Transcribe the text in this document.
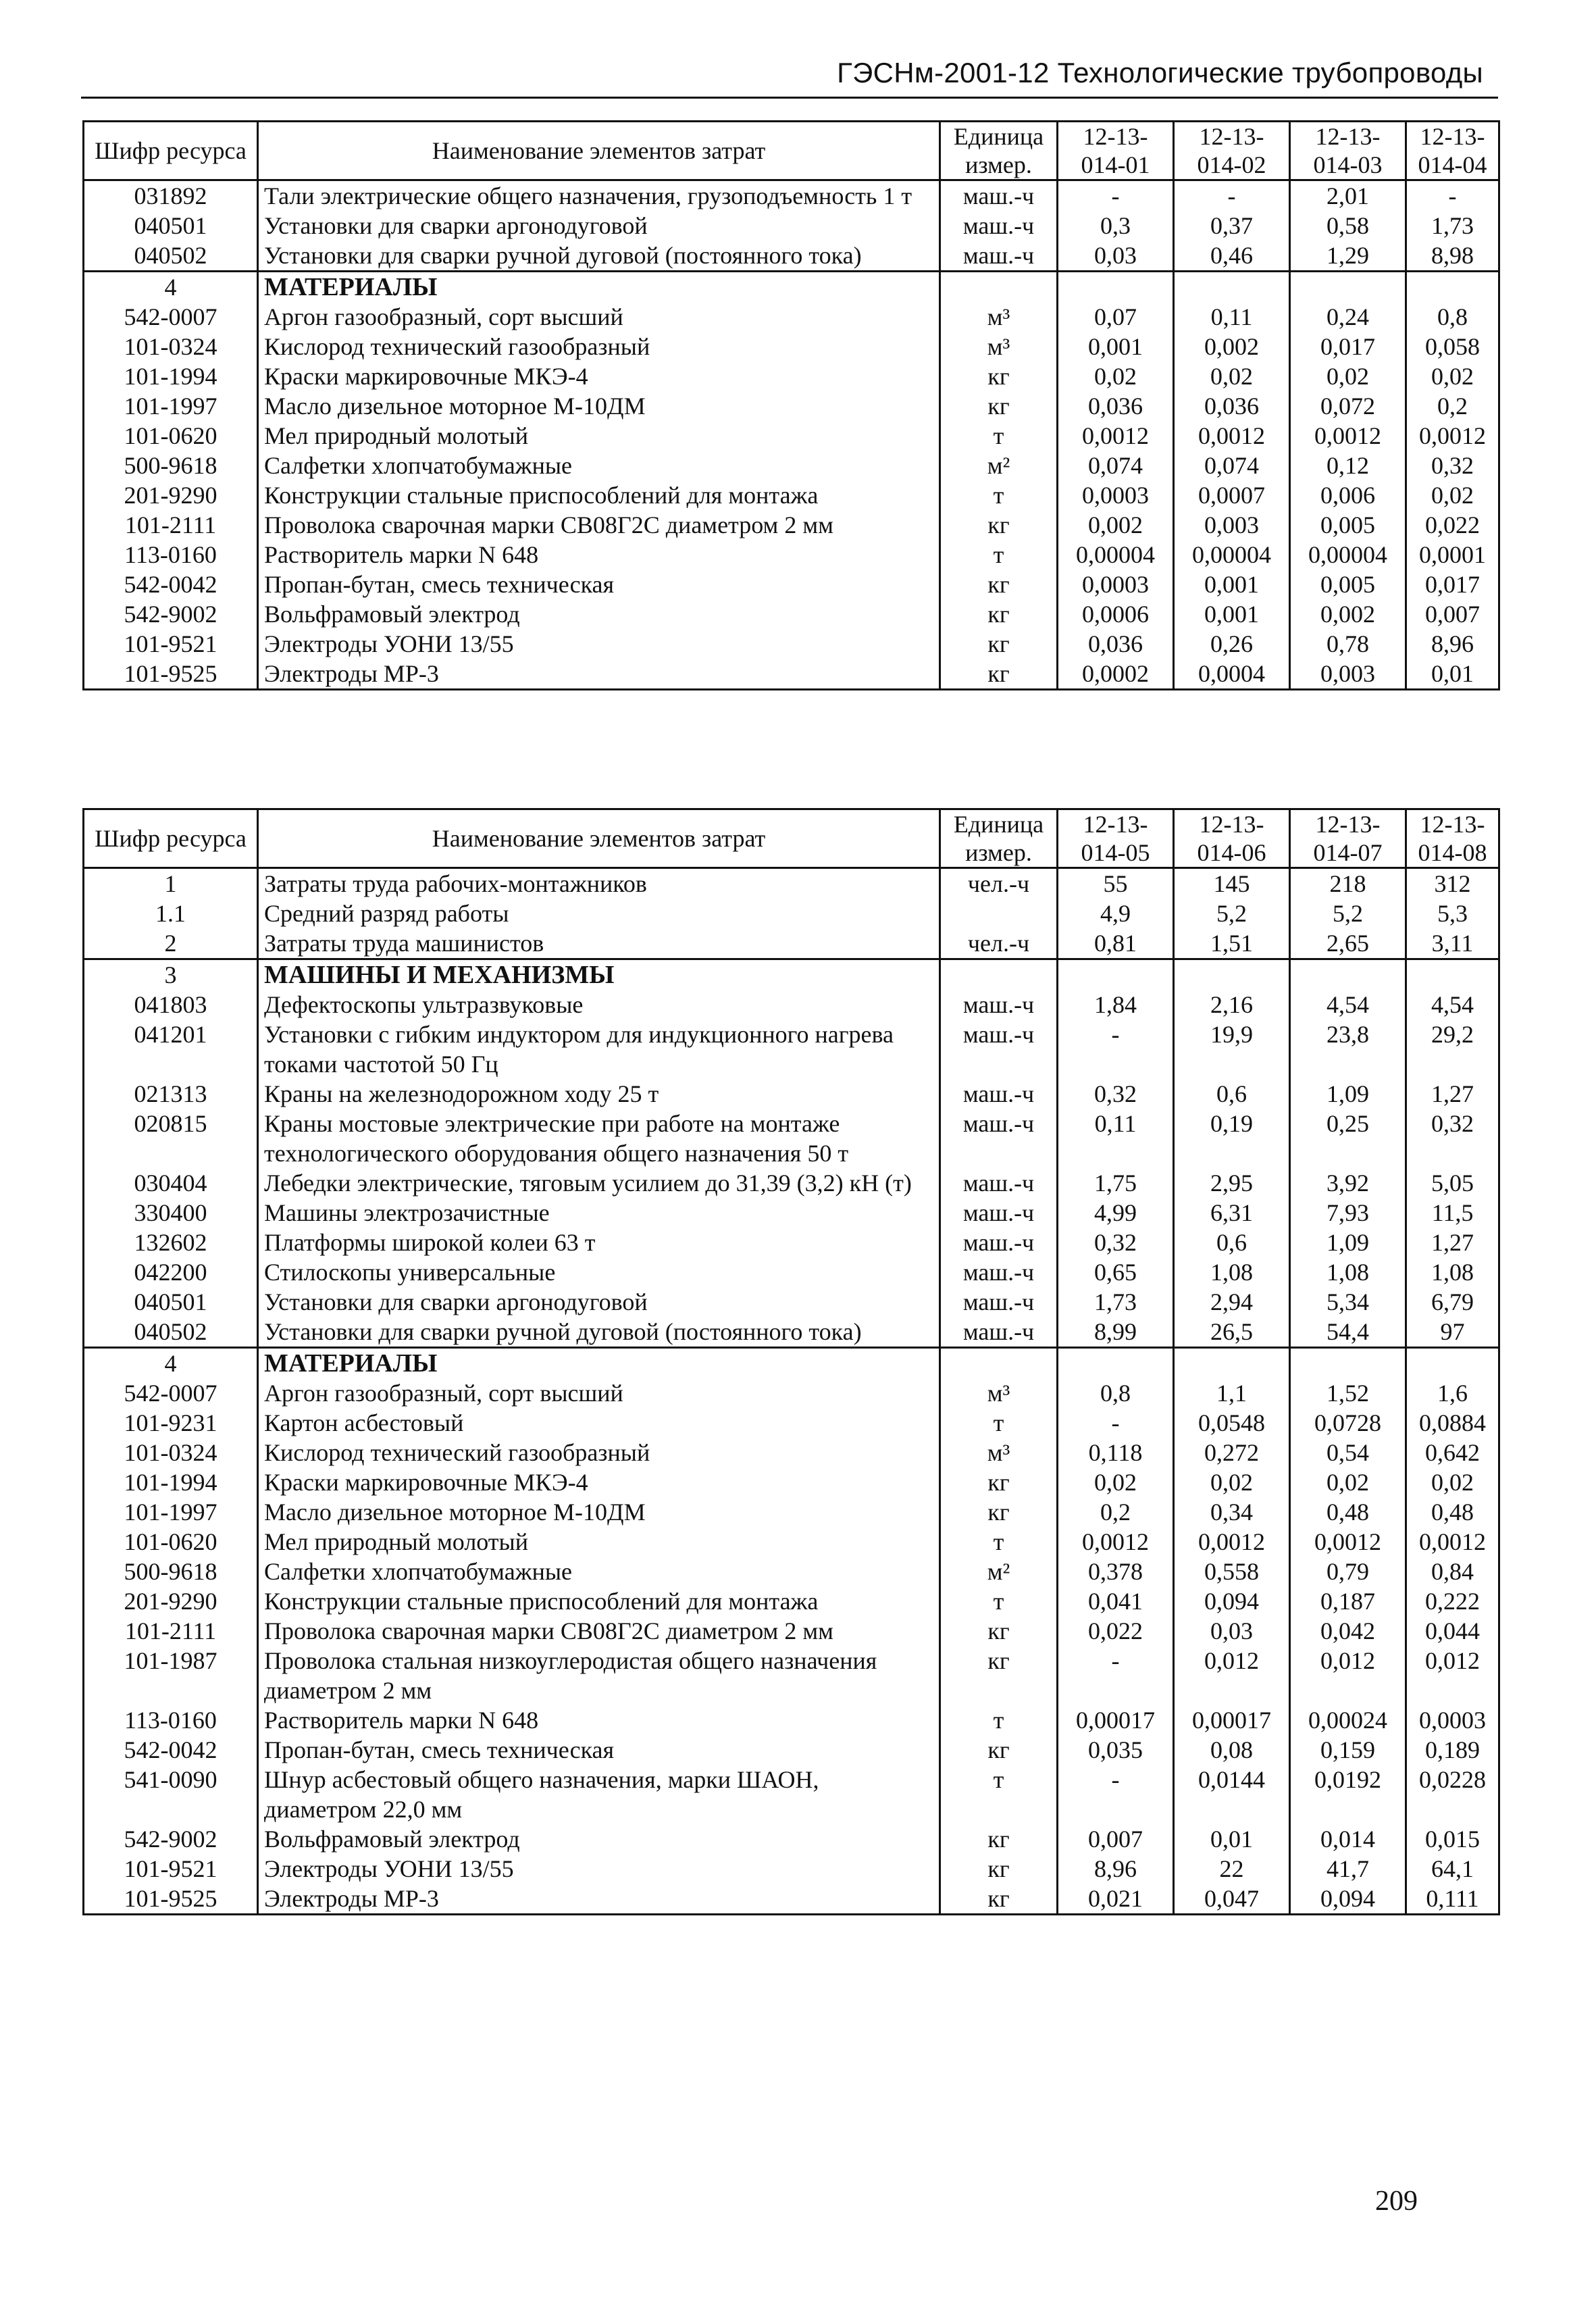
ГЭСНм-2001-12 Технологические трубопроводы
Шифр ресурса	Наименование элементов затрат	Единица измер.	12-13-014-01	12-13-014-02	12-13-014-03	12-13-014-04
031892	Тали электрические общего назначения, грузоподъемность 1 т	маш.-ч	-	-	2,01	-
040501	Установки для сварки аргонодуговой	маш.-ч	0,3	0,37	0,58	1,73
040502	Установки для сварки ручной дуговой (постоянного тока)	маш.-ч	0,03	0,46	1,29	8,98
4	МАТЕРИАЛЫ					
542-0007	Аргон газообразный, сорт высший	м³	0,07	0,11	0,24	0,8
101-0324	Кислород технический газообразный	м³	0,001	0,002	0,017	0,058
101-1994	Краски маркировочные МКЭ-4	кг	0,02	0,02	0,02	0,02
101-1997	Масло дизельное моторное М-10ДМ	кг	0,036	0,036	0,072	0,2
101-0620	Мел природный молотый	т	0,0012	0,0012	0,0012	0,0012
500-9618	Салфетки хлопчатобумажные	м²	0,074	0,074	0,12	0,32
201-9290	Конструкции стальные приспособлений для монтажа	т	0,0003	0,0007	0,006	0,02
101-2111	Проволока сварочная марки СВ08Г2С диаметром 2 мм	кг	0,002	0,003	0,005	0,022
113-0160	Растворитель марки N 648	т	0,00004	0,00004	0,00004	0,0001
542-0042	Пропан-бутан, смесь техническая	кг	0,0003	0,001	0,005	0,017
542-9002	Вольфрамовый электрод	кг	0,0006	0,001	0,002	0,007
101-9521	Электроды УОНИ 13/55	кг	0,036	0,26	0,78	8,96
101-9525	Электроды МР-3	кг	0,0002	0,0004	0,003	0,01
Шифр ресурса	Наименование элементов затрат	Единица измер.	12-13-014-05	12-13-014-06	12-13-014-07	12-13-014-08
1	Затраты труда рабочих-монтажников	чел.-ч	55	145	218	312
1.1	Средний разряд работы		4,9	5,2	5,2	5,3
2	Затраты труда машинистов	чел.-ч	0,81	1,51	2,65	3,11
3	МАШИНЫ И МЕХАНИЗМЫ					
041803	Дефектоскопы ультразвуковые	маш.-ч	1,84	2,16	4,54	4,54
041201	Установки с гибким индуктором для индукционного нагрева токами частотой 50 Гц	маш.-ч	-	19,9	23,8	29,2
021313	Краны на железнодорожном ходу 25 т	маш.-ч	0,32	0,6	1,09	1,27
020815	Краны мостовые электрические при работе на монтаже технологического оборудования общего назначения 50 т	маш.-ч	0,11	0,19	0,25	0,32
030404	Лебедки электрические, тяговым усилием до 31,39 (3,2) кН (т)	маш.-ч	1,75	2,95	3,92	5,05
330400	Машины электрозачистные	маш.-ч	4,99	6,31	7,93	11,5
132602	Платформы широкой колеи 63 т	маш.-ч	0,32	0,6	1,09	1,27
042200	Стилоскопы универсальные	маш.-ч	0,65	1,08	1,08	1,08
040501	Установки для сварки аргонодуговой	маш.-ч	1,73	2,94	5,34	6,79
040502	Установки для сварки ручной дуговой (постоянного тока)	маш.-ч	8,99	26,5	54,4	97
4	МАТЕРИАЛЫ					
542-0007	Аргон газообразный, сорт высший	м³	0,8	1,1	1,52	1,6
101-9231	Картон асбестовый	т	-	0,0548	0,0728	0,0884
101-0324	Кислород технический газообразный	м³	0,118	0,272	0,54	0,642
101-1994	Краски маркировочные МКЭ-4	кг	0,02	0,02	0,02	0,02
101-1997	Масло дизельное моторное М-10ДМ	кг	0,2	0,34	0,48	0,48
101-0620	Мел природный молотый	т	0,0012	0,0012	0,0012	0,0012
500-9618	Салфетки хлопчатобумажные	м²	0,378	0,558	0,79	0,84
201-9290	Конструкции стальные приспособлений для монтажа	т	0,041	0,094	0,187	0,222
101-2111	Проволока сварочная марки СВ08Г2С диаметром 2 мм	кг	0,022	0,03	0,042	0,044
101-1987	Проволока стальная низкоуглеродистая общего назначения диаметром 2 мм	кг	-	0,012	0,012	0,012
113-0160	Растворитель марки N 648	т	0,00017	0,00017	0,00024	0,0003
542-0042	Пропан-бутан, смесь техническая	кг	0,035	0,08	0,159	0,189
541-0090	Шнур асбестовый общего назначения, марки ШАОН, диаметром 22,0 мм	т	-	0,0144	0,0192	0,0228
542-9002	Вольфрамовый электрод	кг	0,007	0,01	0,014	0,015
101-9521	Электроды УОНИ 13/55	кг	8,96	22	41,7	64,1
101-9525	Электроды МР-3	кг	0,021	0,047	0,094	0,111
209
